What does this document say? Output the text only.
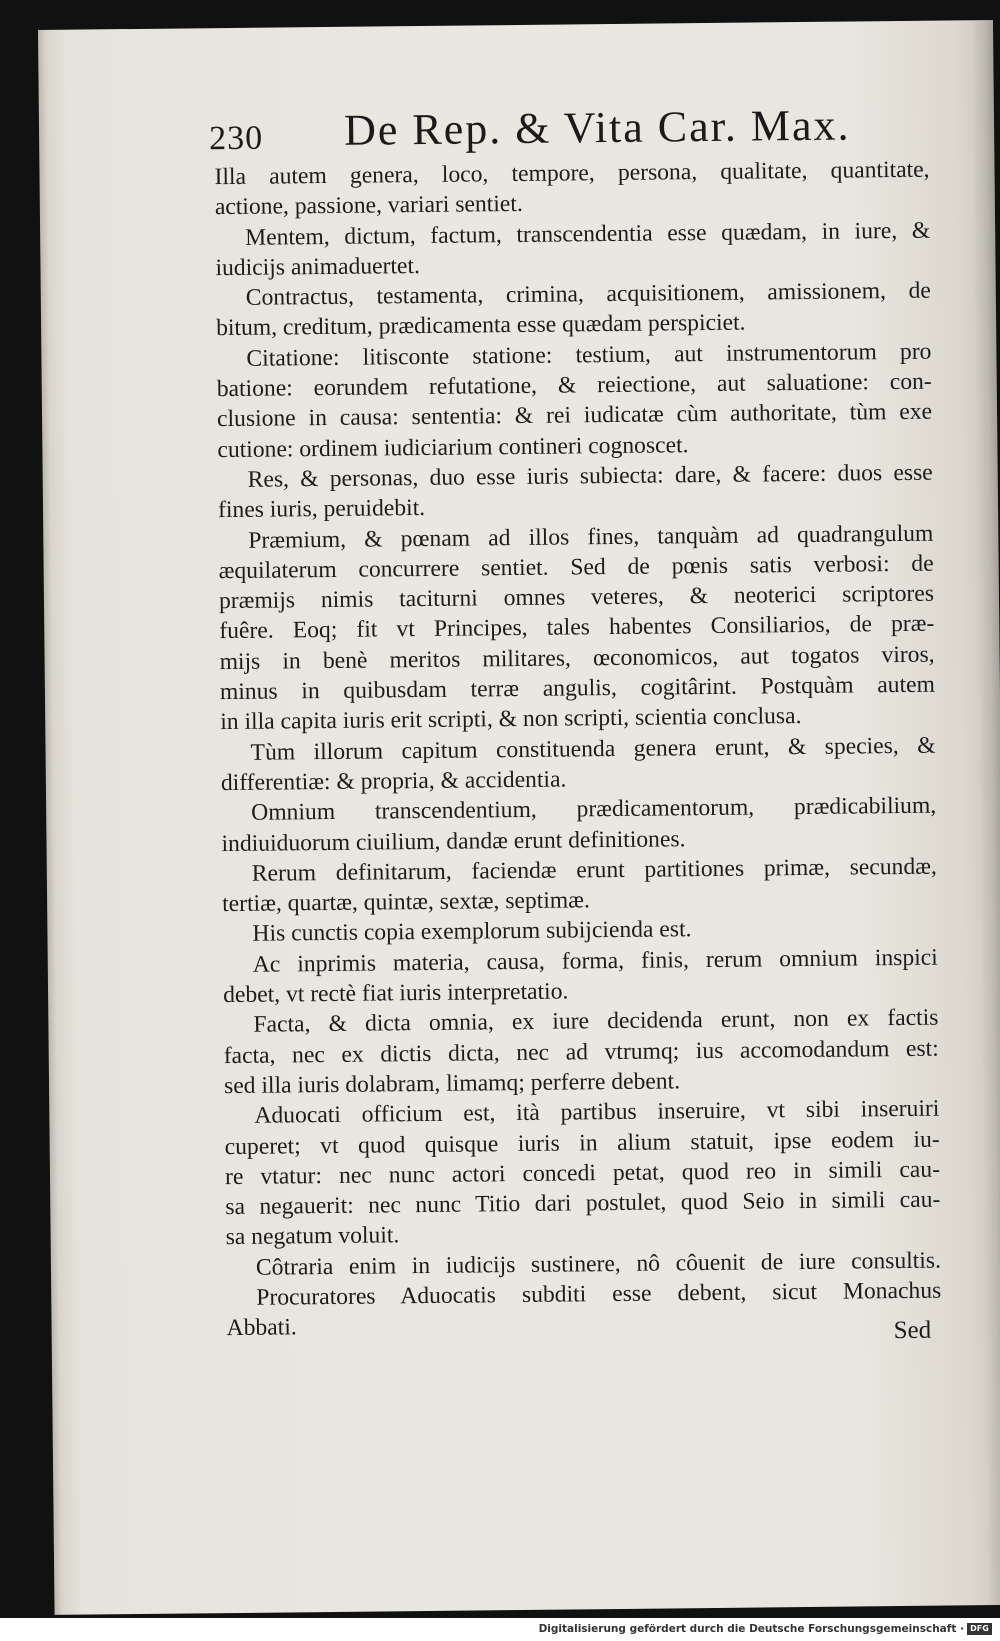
230 De Rep. & Vita Car. Max.
Illa autem genera, loco, tempore, persona, qualitate, quantitate,
actione, passione, variari sentiet.
Mentem, dictum, factum, transcendentia esse quædam, in iure, &
iudicijs animaduertet.
Contractus, testamenta, crimina, acquisitionem, amissionem, de
bitum, creditum, prædicamenta esse quædam perspiciet.
Citatione: litisconte statione: testium, aut instrumentorum pro
batione: eorundem refutatione, & reiectione, aut saluatione: con-
clusione in causa: sententia: & rei iudicatæ cùm authoritate, tùm exe
cutione: ordinem iudiciarium contineri cognoscet.
Res, & personas, duo esse iuris subiecta: dare, & facere: duos esse
fines iuris, peruidebit.
Præmium, & pœnam ad illos fines, tanquàm ad quadrangulum
æquilaterum concurrere sentiet. Sed de pœnis satis verbosi: de
præmijs nimis taciturni omnes veteres, & neoterici scriptores
fuêre. Eoq; fit vt Principes, tales habentes Consiliarios, de præ-
mijs in benè meritos militares, œconomicos, aut togatos viros,
minus in quibusdam terræ angulis, cogitârint. Postquàm autem
in illa capita iuris erit scripti, & non scripti, scientia conclusa.
Tùm illorum capitum constituenda genera erunt, & species, &
differentiæ: & propria, & accidentia.
Omnium transcendentium, prædicamentorum, prædicabilium,
indiuiduorum ciuilium, dandæ erunt definitiones.
Rerum definitarum, faciendæ erunt partitiones primæ, secundæ,
tertiæ, quartæ, quintæ, sextæ, septimæ.
His cunctis copia exemplorum subijcienda est.
Ac inprimis materia, causa, forma, finis, rerum omnium inspici
debet, vt rectè fiat iuris interpretatio.
Facta, & dicta omnia, ex iure decidenda erunt, non ex factis
facta, nec ex dictis dicta, nec ad vtrumq; ius accomodandum est:
sed illa iuris dolabram, limamq; perferre debent.
Aduocati officium est, ità partibus inseruire, vt sibi inseruiri
cuperet; vt quod quisque iuris in alium statuit, ipse eodem iu-
re vtatur: nec nunc actori concedi petat, quod reo in simili cau-
sa negauerit: nec nunc Titio dari postulet, quod Seio in simili cau-
sa negatum voluit.
Côtraria enim in iudicijs sustinere, nô côuenit de iure consultis.
Procuratores Aduocatis subditi esse debent, sicut Monachus
Abbati.	Sed
Digitalisierung gefördert durch die Deutsche Forschungsgemeinschaft · DFG
